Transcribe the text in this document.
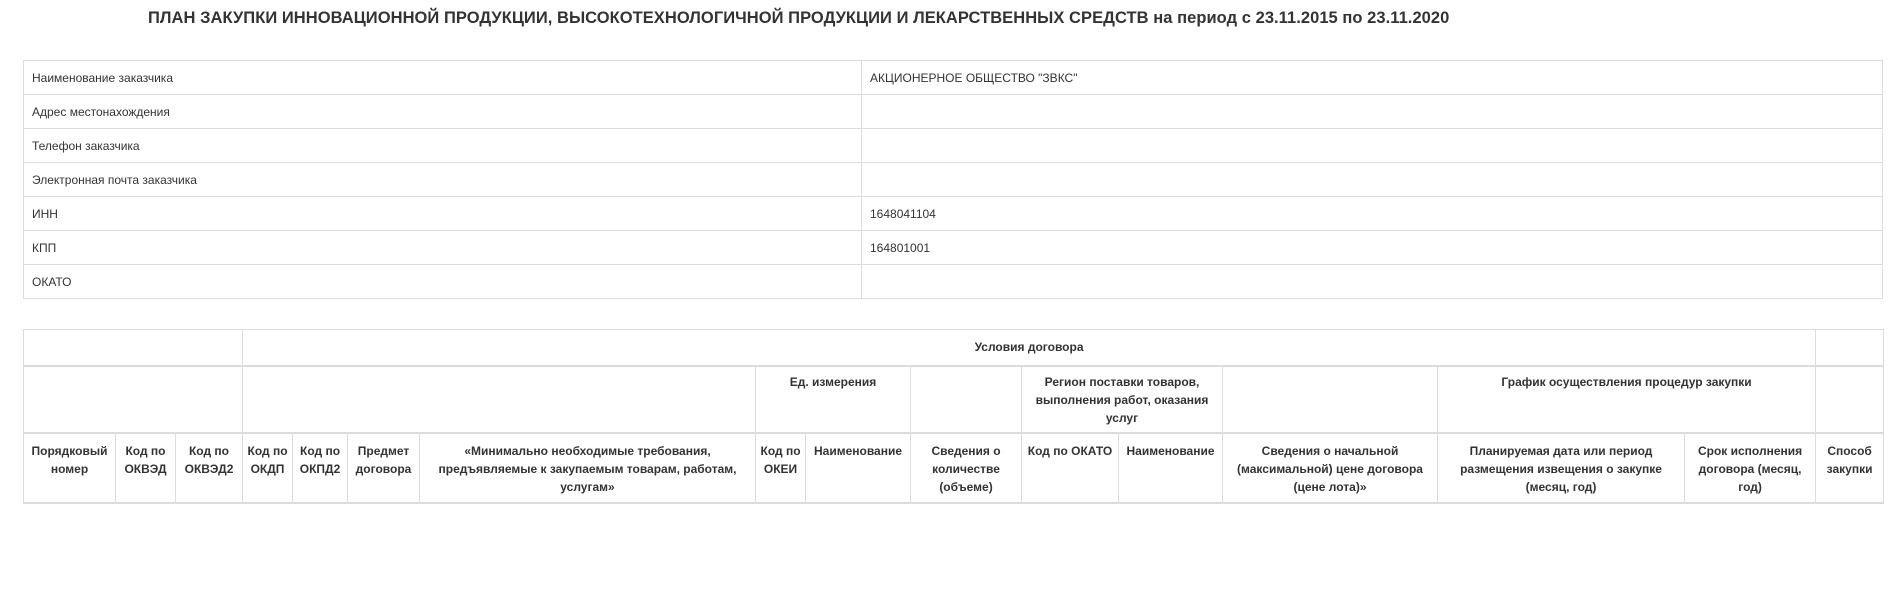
ПЛАН ЗАКУПКИ ИННОВАЦИОННОЙ ПРОДУКЦИИ, ВЫСОКОТЕХНОЛОГИЧНОЙ ПРОДУКЦИИ И ЛЕКАРСТВЕННЫХ СРЕДСТВ на период с 23.11.2015 по 23.11.2020
Наименование заказчика	АКЦИОНЕРНОЕ ОБЩЕСТВО "ЗВКС"
Адрес местонахождения	
Телефон заказчика	
Электронная почта заказчика	
ИНН	1648041104
КПП	164801001
ОКАТО	
			Условия договора												
							Ед. измерения			Регион поставки товаров, выполнения работ, оказания услуг			График осуществления процедур закупки		
Порядковый номер	Код по ОКВЭД	Код по ОКВЭД2	Код по ОКДП	Код по ОКПД2	Предмет договора	«Минимально необходимые требования, предъявляемые к закупаемым товарам, работам, услугам»	Код по ОКЕИ	Наименование	Сведения о количестве (объеме)	Код по ОКАТО	Наименование	Сведения о начальной (максимальной) цене договора (цене лота)»	Планируемая дата или период размещения извещения о закупке (месяц, год)	Срок исполнения договора (месяц, год)	Способ закупки
